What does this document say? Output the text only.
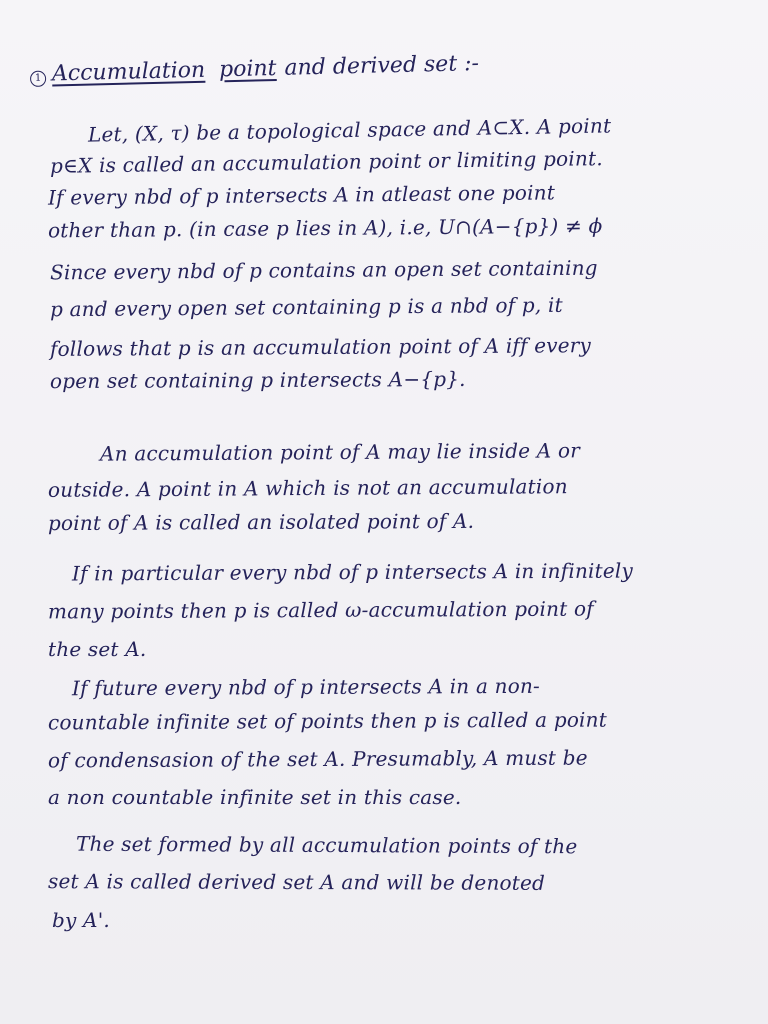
1 Accumulation point and derived set :-
Let, (X, τ) be a topological space and A⊂X. A point
p∈X is called an accumulation point or limiting point.
If every nbd of p intersects A in atleast one point
other than p. (in case p lies in A), i.e, U∩(A−{p}) ≠ ϕ
Since every nbd of p contains an open set containing
p and every open set containing p is a nbd of p, it
follows that p is an accumulation point of A iff every
open set containing p intersects A−{p}.
An accumulation point of A may lie inside A or
outside. A point in A which is not an accumulation
point of A is called an isolated point of A.
If in particular every nbd of p intersects A in infinitely
many points then p is called ω-accumulation point of
the set A.
If future every nbd of p intersects A in a non-
countable infinite set of points then p is called a point
of condensasion of the set A. Presumably, A must be
a non countable infinite set in this case.
The set formed by all accumulation points of the
set A is called derived set A and will be denoted
by A'.
